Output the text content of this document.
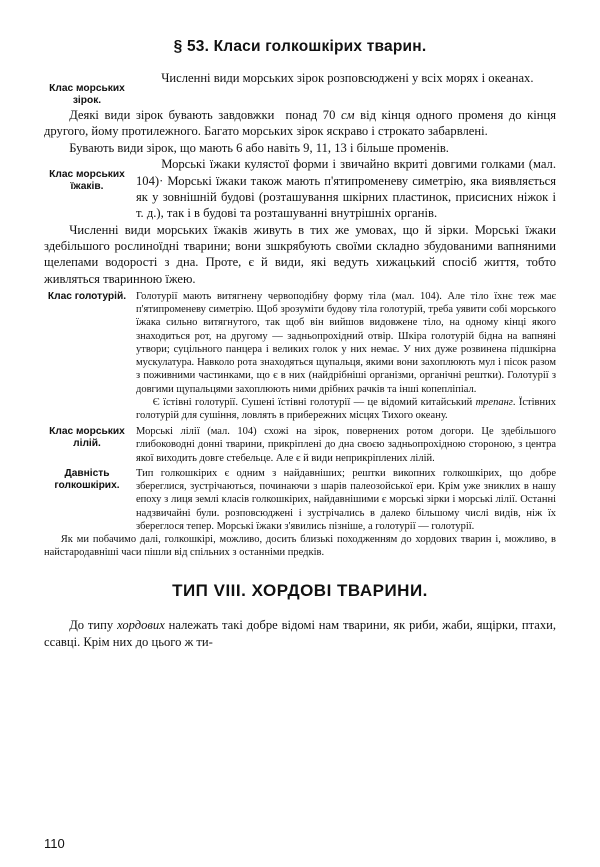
§ 53. Класи голкошкірих тварин.
Клас морських зірок.

Численні види морських зірок розповсюджені у всіх морях і океанах.

Деякі види зірок бувають завдовжки  понад 70 см від кінця одного променя до кінця другого, йому протилежного. Багато морських зірок яскраво і строкато забарвлені.

Бувають види зірок, що мають 6 або навіть 9, 11, 13 і більше променів.

Клас морських їжаків.

Морські їжаки кулястої форми і звичайно вкриті довгими голками (мал. 104)· Морські їжаки також мають п'ятипроменеву симетрію, яка виявляється як у зовнішній будові (розташування шкірних пластинок, присисних ніжок і т. д.), так і в будові та розташуванні внутрішніх органів.

Численні види морських їжаків живуть в тих же умовах, що й зірки. Морські їжаки здебільшого рослиноїдні тварини; вони зшкрябують своїми складно збудованими вапняними щелепами водорості з дна. Проте, є й види, які ведуть хижацький спосіб життя, тобто живляться тваринною їжею.

Клас голотурій. Голотурії мають витягнену червоподібну форму тіла (мал. 104). Але тіло їхнє теж має п'ятипроменеву симетрію. Щоб зрозуміти будову тіла голотурій, треба уявити собі морського їжака сильно витягнутого, так щоб він вийшов видовжене тіло, на одному кінці якого знаходиться рот, на другому — задньопрохідний отвір. Шкіра голотурій бідна на вапняні утвори; суцільного панцера і великих голок у них немає. У них дуже розвинена підшкірна мускулатура. Навколо рота знаходяться щупальця, якими вони захоплюють мул і пісок разом з поживними частинками, що є в них (найдрібніші організми, органічні рештки). Голотурії з довгими щупальцями захоплюють ними дрібних рачків та інші копепліпіал.

Є їстівні голотурії. Сушені їстівні голотурії — це відомий китайський трепанг. Їстівних голотурій для сушіння, ловлять в прибережних місцях Тихого океану.

Клас морських лілій.

Морські лілії (мал. 104) схожі на зірок, повернених ротом догори. Це здебільшого глибоководні донні тварини, прикріплені до дна своєю задньопрохідною стороною, з центра якої виходить довге стебельце. Але є й види неприкріплених лілій.

Давність голкошкірих.

Тип голкошкірих є одним з найдавніших; рештки викопних голкошкірих, що добре збереглися, зустрічаються, починаючи з шарів палеозойської ери. Крім уже зниклих в нашу епоху з лиця землі класів голкошкірих, найдавнішими є морські зірки і морські лілії. Останні надзвичайні були. розповсюджені і зустрічались в далеко більшому числі видів, ніж їх збереглося тепер. Морські їжаки з'явились пізніше, а голотурії — голотурії.

Як ми побачимо далі, голкошкірі, можливо, досить близькі походженням до хордових тварин і, можливо, в найстародавніші часи пішли від спільних з останніми предків.

ТИП VIII. ХОРДОВІ ТВАРИНИ.

До типу хордових належать такі добре відомі нам тварини, як риби, жаби, ящірки, птахи, ссавці. Крім них до цього ж ти-

110
